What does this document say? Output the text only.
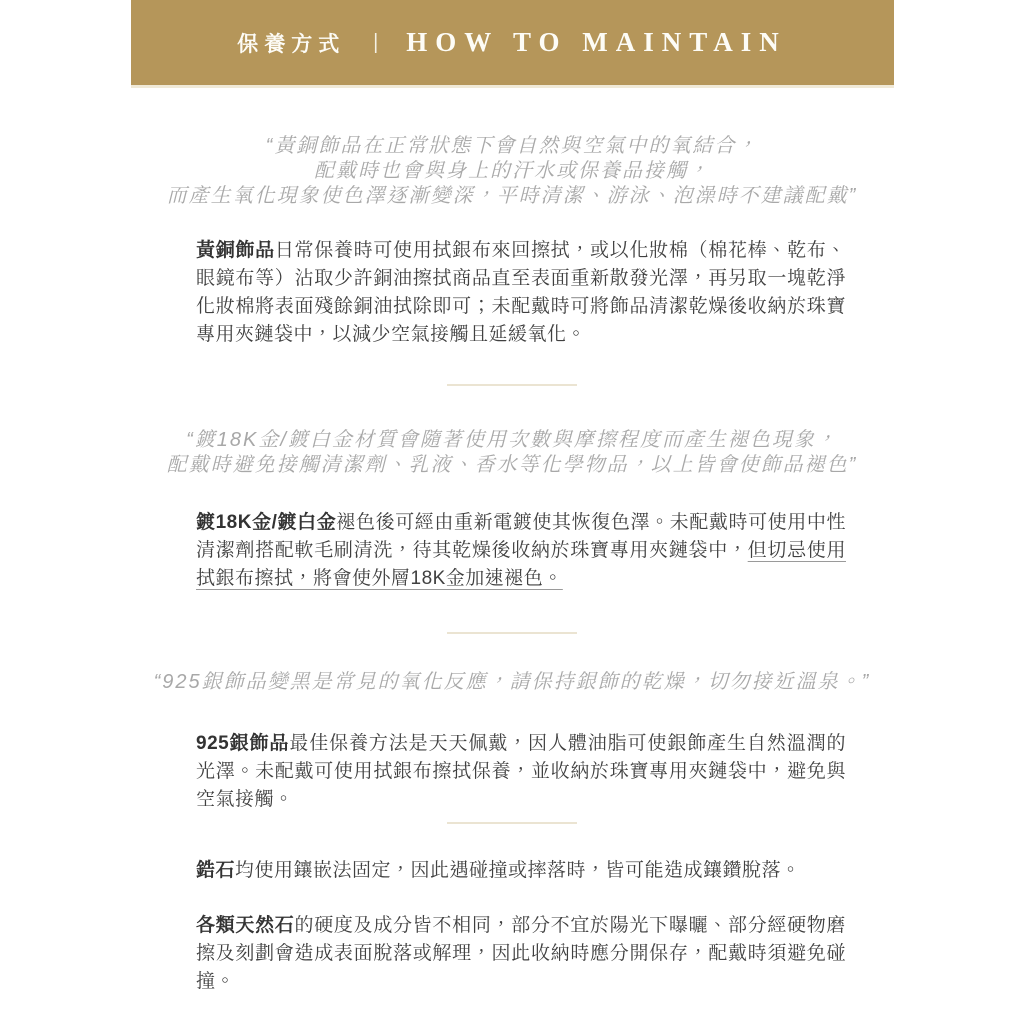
保養方式 | HOW TO MAINTAIN
“黃銅飾品在正常狀態下會自然與空氣中的氧結合，
配戴時也會與身上的汗水或保養品接觸，
而產生氧化現象使色澤逐漸變深，平時清潔、游泳、泡澡時不建議配戴”

黃銅飾品日常保養時可使用拭銀布來回擦拭，或以化妝棉（棉花棒、乾布、眼鏡布等）沾取少許銅油擦拭商品直至表面重新散發光澤，再另取一塊乾淨化妝棉將表面殘餘銅油拭除即可；未配戴時可將飾品清潔乾燥後收納於珠寶專用夾鏈袋中，以減少空氣接觸且延緩氧化。

“鍍18K金/鍍白金材質會隨著使用次數與摩擦程度而產生褪色現象，
配戴時避免接觸清潔劑、乳液、香水等化學物品，以上皆會使飾品褪色”

鍍18K金/鍍白金褪色後可經由重新電鍍使其恢復色澤。未配戴時可使用中性清潔劑搭配軟毛刷清洗，待其乾燥後收納於珠寶專用夾鏈袋中，但切忌使用拭銀布擦拭，將會使外層18K金加速褪色。

“925銀飾品變黑是常見的氧化反應，請保持銀飾的乾燥，切勿接近溫泉。”

925銀飾品最佳保養方法是天天佩戴，因人體油脂可使銀飾產生自然溫潤的光澤。未配戴可使用拭銀布擦拭保養，並收納於珠寶專用夾鏈袋中，避免與空氣接觸。

鋯石均使用鑲嵌法固定，因此遇碰撞或摔落時，皆可能造成鑲鑽脫落。

各類天然石的硬度及成分皆不相同，部分不宜於陽光下曝曬、部分經硬物磨擦及刻劃會造成表面脫落或解理，因此收納時應分開保存，配戴時須避免碰撞。
